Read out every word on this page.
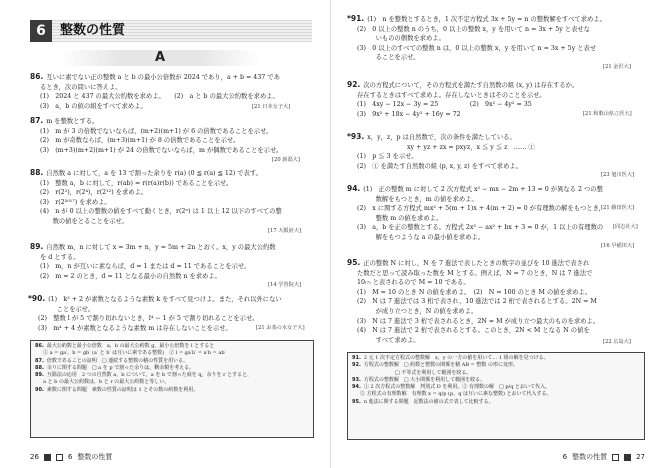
6	整数の性質
A
86. 互いに素でない正の整数 a と b の最小公倍数が 2024 であり，a + b = 437 であ
るとき，次の問いに答えよ。
(1)　2024 と 437 の最大公約数を求めよ。　　(2)　a と b の最大公約数を求めよ。
(3)　a，b の値の組をすべて求めよ。	[21 日本女子大]
87. m を整数とする。
(1)　m が 3 の倍数でないならば，(m+2)(m+1) が 6 の倍数であることを示せ。
(2)　m が奇数ならば，(m+3)(m+1) が 8 の倍数であることを示せ。
(3)　(m+3)(m+2)(m+1) が 24 の倍数でないならば，m が偶数であることを示せ。
[20 新潟大]
88. 自然数 a に対して，a を 13 で割った余りを r(a) (0 ≦ r(a) ≦ 12) で表す。
(1)　整数 a，b に対して，r(ab) = r(r(a)r(b)) であることを示せ。
(2)　r(2²)，r(2⁴)，r(2¹²) を求めよ。
(3)　r(2²⁰¹⁷) を求めよ。
(4)　n が 0 以上の整数の値をすべて動くとき，r(2ⁿ) は 1 以上 12 以下のすべての整
　　数の値をとることを示せ。
[17 大阪府大]
89. 自然数 m，n に対して x = 3m + n，y = 5m + 2n とおく。x，y の最大公約数
を d とする。
(1)　m，n が互いに素ならば，d = 1 または d = 11 であることを示せ。
(2)　m = 2 のとき，d = 11 となる最小の自然数 n を求めよ。
[14 学習院大]
*90. (1)　k² + 2 が素数となるような素数 k をすべて見つけよ。また，それ以外にない
　　ことを示せ。
(2)　整数 l が 5 で割り切れないとき，l⁴ − 1 が 5 で割り切れることを示せ。
(3)　m⁴ + 4 が素数となるような素数 m は存在しないことを示せ。	[21 お茶の水女子大]
86. 最大公約数と最小公倍数　a，b の最大公約数 g，最小公倍数を l とすると
　① a = ga′，b = gb′ (a′ と b′ は互いに素である整数)　② l = ga′b′ = a′b = ab′
87. 倍数であることの証明　□ 連続する整数の積の性質を用いる。
88. 余りに関する問題　□ a を p で割った余りは，剰余類を考える。
89. 互除法の応用　2 つの自然数 a，b について，a を b で割った商を q，余りを r とすると，
　a と b の最大公約数は，b と r の最大公約数と等しい。
90. 素数に関する問題　素数の性質の証明は 1 とその数の約数を利用。
26	6 整数の性質
*91. (1)　n を整数とするとき，1 次不定方程式 3x + 5y = n の整数解をすべて求めよ。
(2)　0 以上の整数 n のうち，0 以上の整数 x，y を用いて n = 3x + 5y と表せな
　　いものの個数を求めよ。
(3)　0 以上のすべての整数 n は，0 以上の整数 x，y を用いて n = 3x + 5y と表せ
　　ることを示せ。
[21 金沢大]
92. 次の方程式について，その方程式を満たす自然数の組 (x, y) は存在するか。
存在するときはすべて求めよ。存在しないときはそのことを示せ。
(1)　4xy − 12x − 3y = 25　　　　　(2)　9x² − 4y² = 35
(3)　9x² + 18x − 4y² + 16y = 72	[21 和歌山県立医大]
*93. x，y，z，p は自然数で，次の条件を満たしている。
xy + yz + zx = pxyz，x ≦ y ≦ z　…… ①
(1)　p ≦ 3 を示せ。
(2)　① を満たす自然数の組 (p, x, y, z) をすべて求めよ。
[23 旭川医大]
94. (1)　正の整数 m に対して 2 次方程式 x² − mx − 2m + 13 = 0 が異なる 2 つの整
　　数解をもつとき，m の値を求めよ。
(2)　x に関する方程式 mx² + 5(m + 1)x + 4(m + 2) = 0 が有理数の解をもつとき，
　　整数 m の値を求めよ。
(3)　a，b を正の整数とする。方程式 2x³ − ax² + bx + 3 = 0 が，1 以上の有理数の
　　解をもつような a の最小値を求めよ。
[21 藤田医大]
[同志社大]
[16 早稲田大]
95. 正の整数 N に対し，N を 7 進法で表したときの数字の並びを 10 進法で表され
た数だと思って読み取った数を M とする。例えば，N = 7 のとき，N は 7 進法で
10₍₇₎ と表されるので M = 10 である。
(1)　M = 10 のとき N の値を求めよ。　(2)　N = 100 のとき M の値を求めよ。
(2)　N は 7 進法では 3 桁で表され，10 進法では 2 桁で表されるとする。2N = M
　　が成り立つとき，N の値を求めよ。
(3)　N は 7 進法で 3 桁で表されるとき，2N = M が成り立つ最大のものを求めよ。
(4)　N は 7 進法で 2 桁で表されるとする。このとき，2N < M となる N の値を
　　すべて求めよ。	[22 広島大]
91. 2 元 1 次不定方程式の整数解　x，y の一方の値を用いて… 1 組の解を見つける。
92. 方程式の整数解　□ 約数と整数の関係を積 AB = 整数 の形に変形。
　　　　　　　　□ 不等式を利用して範囲を絞る。
93. 方程式の整数解　□ 大小関係を利用して範囲を絞る。
94. ① 2 次方程式の整数解　判別式 D を利用。② 有理数の解　□ p/q とおいて代入。
　② 方程式の有理数解　有理数 x = q/p (p，q は互いに素な整数) とおいて代入する。
95. n 進法に関する問題　記数法の値の式で表して比較する。
6 整数の性質	27
